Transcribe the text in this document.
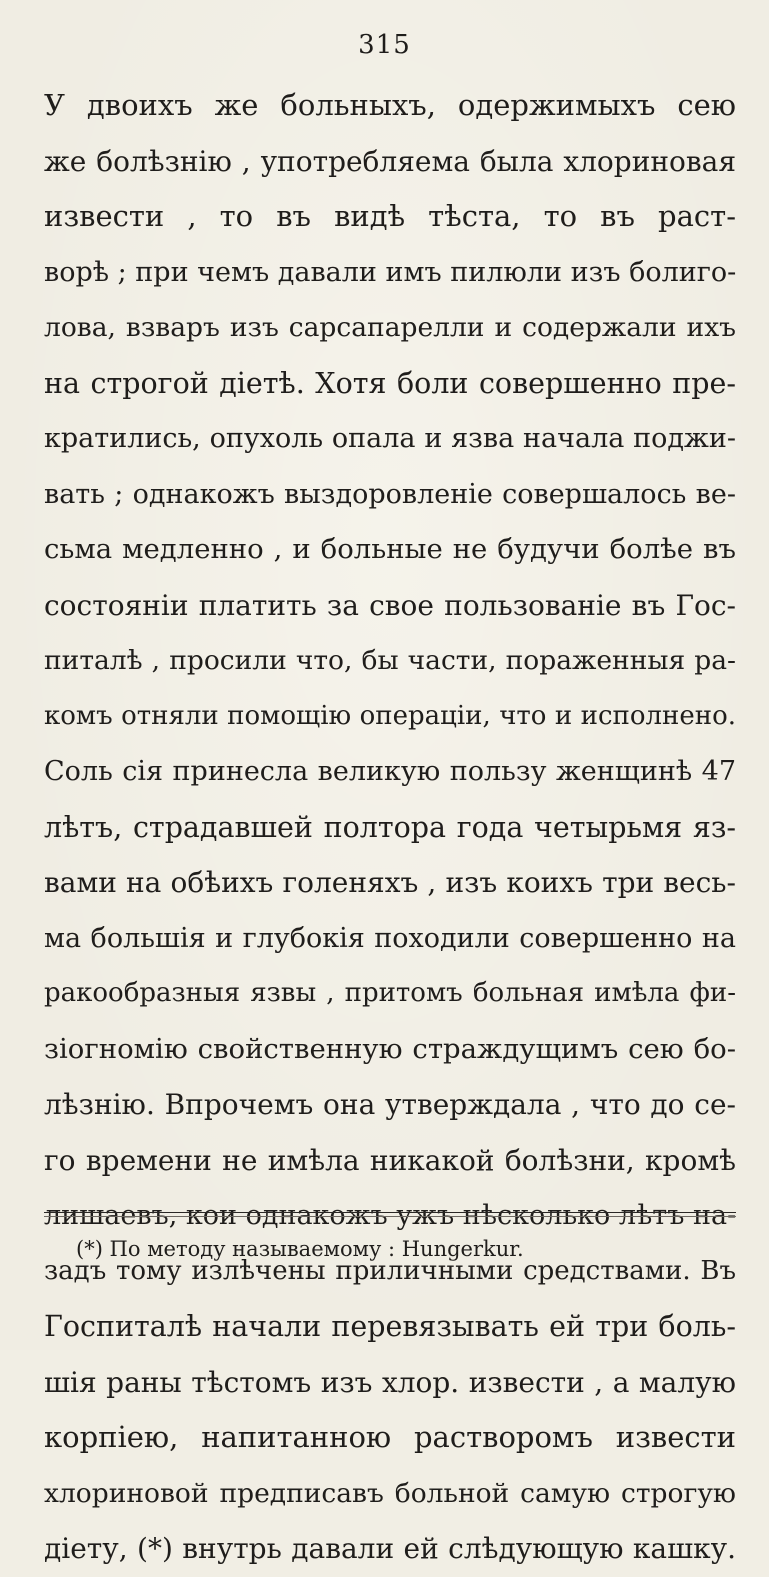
315
У двоихъ же больныхъ, одержимыхъ сею
же болѣзнію , употребляема была хлориновая
извести , то въ видѣ тѣста, то въ раст-
ворѣ ; при чемъ давали имъ пилюли изъ болиго-
лова, взваръ изъ сарсапарелли и содержали ихъ
на строгой діетѣ. Хотя боли совершенно пре-
кратились, опухоль опала и язва начала поджи-
вать ; однакожъ выздоровленіе совершалось ве-
сьма медленно , и больные не будучи болѣе въ
состояніи платить за свое пользованіе въ Гос-
питалѣ , просили что, бы части, пораженныя ра-
комъ отняли помощію операціи, что и исполнено.
Соль сія принесла великую пользу женщинѣ 47
лѣтъ, страдавшей полтора года четырьмя яз-
вами на обѣихъ голеняхъ , изъ коихъ три весь-
ма большія и глубокія походили совершенно на
ракообразныя язвы , притомъ больная имѣла фи-
зіогномію свойственную страждущимъ сею бо-
лѣзнію. Впрочемъ она утверждала , что до се-
го времени не имѣла никакой болѣзни, кромѣ
лишаевъ, кои однакожъ ужъ нѣсколько лѣтъ на-
задъ тому излѣчены приличными средствами. Въ
Госпиталѣ начали перевязывать ей три боль-
шія раны тѣстомъ изъ хлор. извести , а малую
корпіею, напитанною растворомъ извести
хлориновой предписавъ больной самую строгую
діету, (*) внутрь давали ей слѣдующую кашку.
(*) По методу называемому : Hungerkur.
